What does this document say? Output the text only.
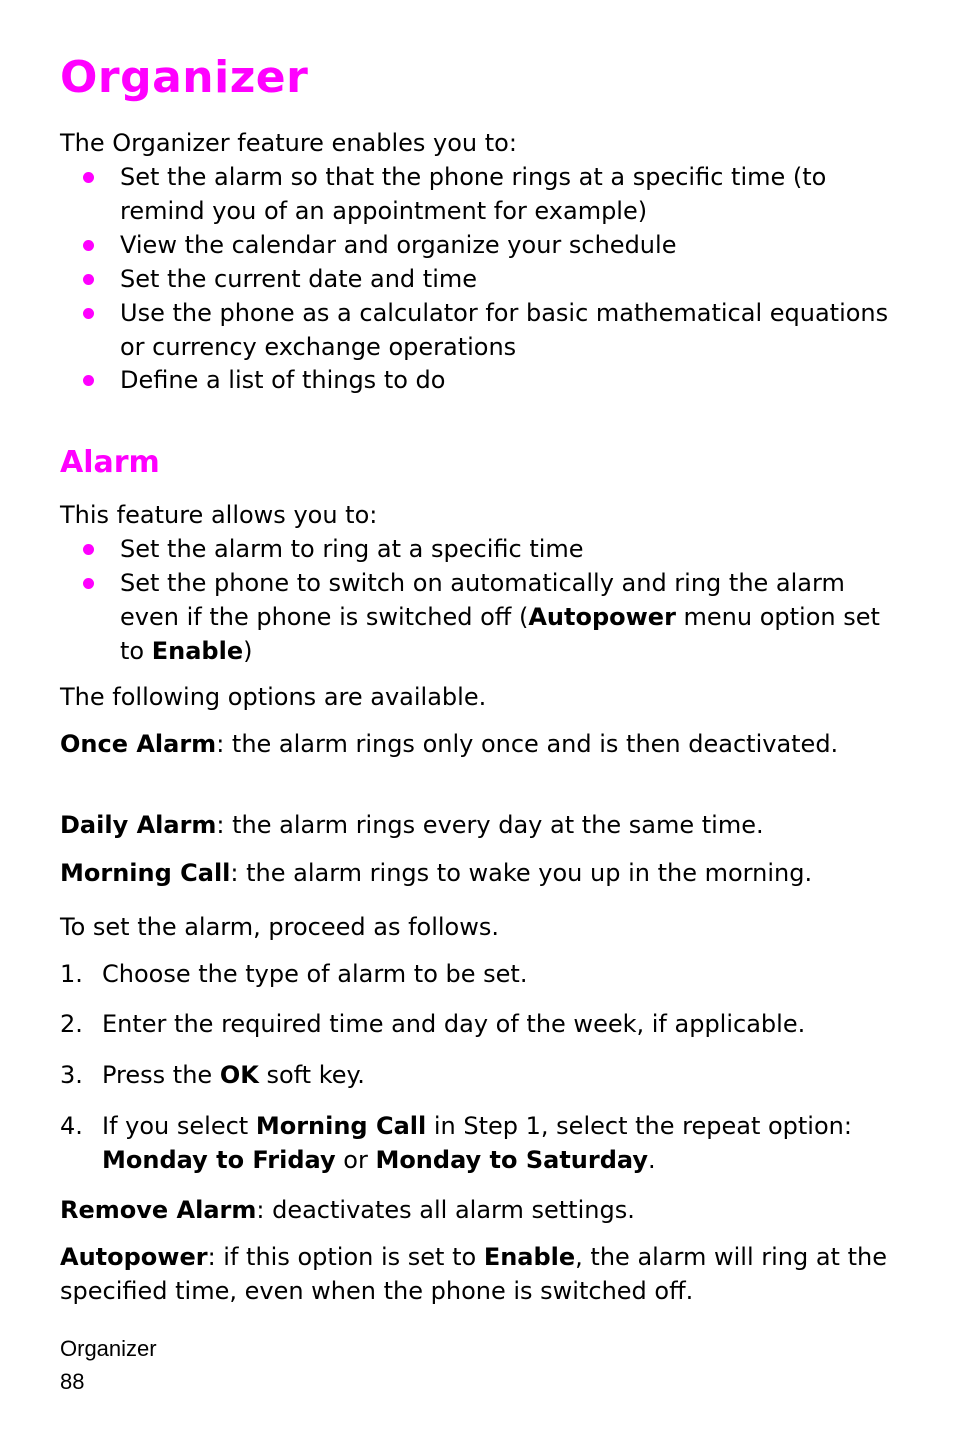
Organizer

The Organizer feature enables you to:

Set the alarm so that the phone rings at a specific time (to remind you of an appointment for example)
View the calendar and organize your schedule
Set the current date and time
Use the phone as a calculator for basic mathematical equations or currency exchange operations
Define a list of things to do
Alarm

This feature allows you to:

Set the alarm to ring at a specific time
Set the phone to switch on automatically and ring the alarm even if the phone is switched off (Autopower menu option set to Enable)

The following options are available.

Once Alarm: the alarm rings only once and is then deactivated.

Daily Alarm: the alarm rings every day at the same time.

Morning Call: the alarm rings to wake you up in the morning.

To set the alarm, proceed as follows.

1. Choose the type of alarm to be set.
2. Enter the required time and day of the week, if applicable.
3. Press the OK soft key.
4. If you select Morning Call in Step 1, select the repeat option: Monday to Friday or Monday to Saturday.

Remove Alarm: deactivates all alarm settings.

Autopower: if this option is set to Enable, the alarm will ring at the specified time, even when the phone is switched off.

Organizer
88
